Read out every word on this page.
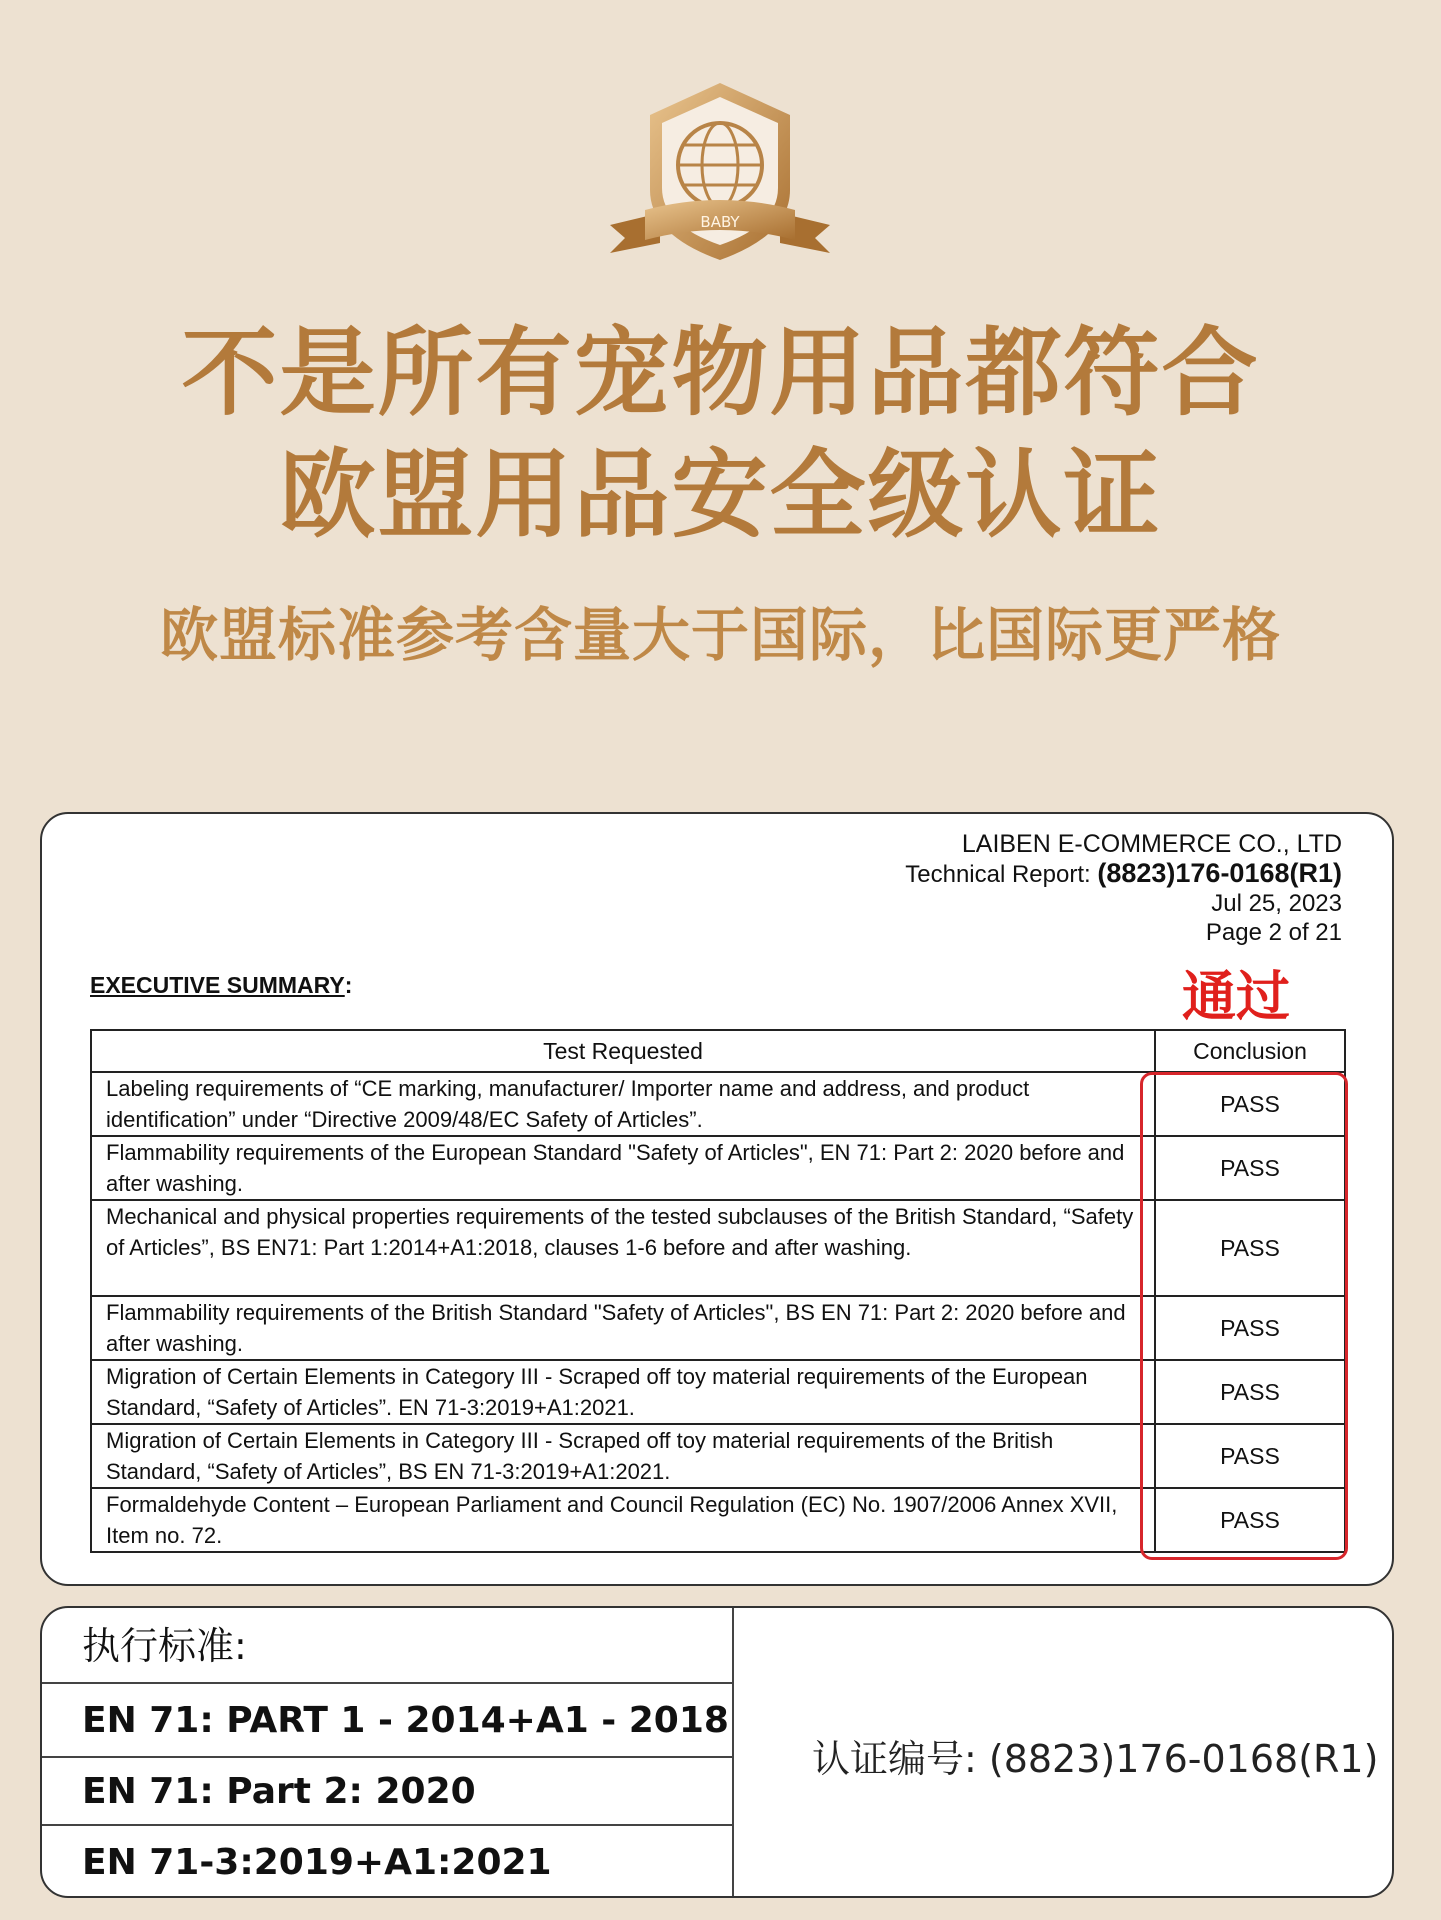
BABY
不是所有宠物用品都符合
欧盟用品安全级认证
欧盟标准参考含量大于国际，比国际更严格
LAIBEN E-COMMERCE CO., LTD
Technical Report: (8823)176-0168(R1)
Jul 25, 2023
Page 2 of 21
EXECUTIVE SUMMARY:	通过
Test Requested	Conclusion
Labeling requirements of “CE marking, manufacturer/ Importer name and address, and product identification” under “Directive 2009/48/EC Safety of Articles”.	PASS
Flammability requirements of the European Standard "Safety of Articles", EN 71: Part 2: 2020 before and after washing.	PASS
Mechanical and physical properties requirements of the tested subclauses of the British Standard, “Safety of Articles”, BS EN71: Part 1:2014+A1:2018, clauses 1-6 before and after washing.	PASS
Flammability requirements of the British Standard "Safety of Articles", BS EN 71: Part 2: 2020 before and after washing.	PASS
Migration of Certain Elements in Category III - Scraped off toy material requirements of the European Standard, “Safety of Articles”. EN 71-3:2019+A1:2021.	PASS
Migration of Certain Elements in Category III - Scraped off toy material requirements of the British Standard, “Safety of Articles”, BS EN 71-3:2019+A1:2021.	PASS
Formaldehyde Content – European Parliament and Council Regulation (EC) No. 1907/2006 Annex XVII, Item no. 72.	PASS
执行标准:
EN 71: PART 1 - 2014+A1 - 2018
EN 71: Part 2: 2020
EN 71-3:2019+A1:2021
认证编号: (8823)176-0168(R1)
